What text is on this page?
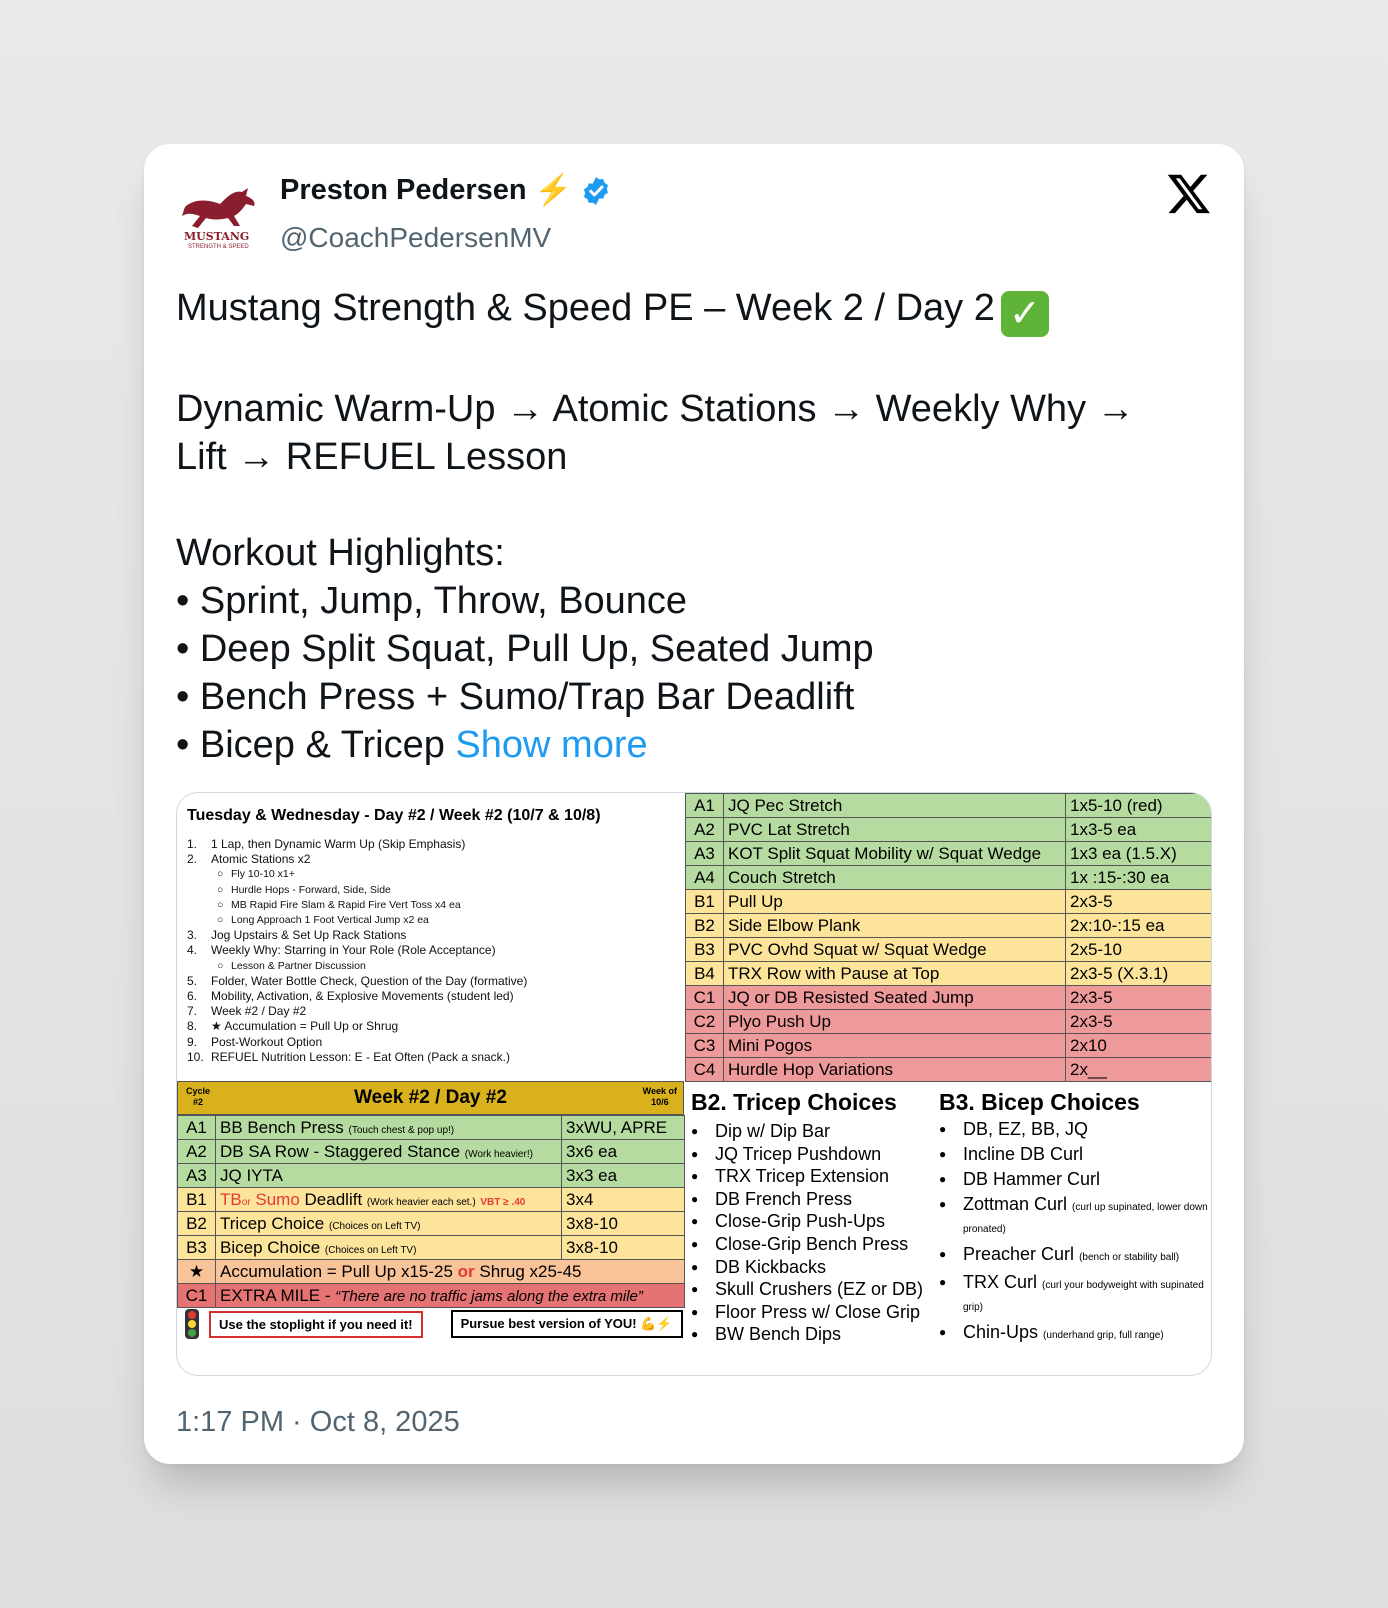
MUSTANG
STRENGTH & SPEED
Preston Pedersen ⚡
@CoachPedersenMV
Mustang Strength & Speed PE – Week 2 / Day 2 ✓
Dynamic Warm-Up → Atomic Stations → Weekly Why →
Lift → REFUEL Lesson
Workout Highlights:
• Sprint, Jump, Throw, Bounce
• Deep Split Squat, Pull Up, Seated Jump
• Bench Press + Sumo/Trap Bar Deadlift
• Bicep & Tricep Show more
Tuesday & Wednesday - Day #2 / Week #2 (10/7 & 10/8)
1.	1 Lap, then Dynamic Warm Up (Skip Emphasis)
2.	Atomic Stations x2
○ Fly 10-10 x1+
○ Hurdle Hops - Forward, Side, Side
○ MB Rapid Fire Slam & Rapid Fire Vert Toss x4 ea
○ Long Approach 1 Foot Vertical Jump x2 ea
3.	Jog Upstairs & Set Up Rack Stations
4.	Weekly Why: Starring in Your Role (Role Acceptance)
○ Lesson & Partner Discussion
5.	Folder, Water Bottle Check, Question of the Day (formative)
6.	Mobility, Activation, & Explosive Movements (student led)
7.	Week #2 / Day #2
8.	★ Accumulation = Pull Up or Shrug
9.	Post-Workout Option
10. REFUEL Nutrition Lesson: E - Eat Often (Pack a snack.)
A1	JQ Pec Stretch	1x5-10 (red)
A2	PVC Lat Stretch	1x3-5 ea
A3	KOT Split Squat Mobility w/ Squat Wedge	1x3 ea (1.5.X)
A4	Couch Stretch	1x :15-:30 ea
B1	Pull Up	2x3-5
B2	Side Elbow Plank	2x:10-:15 ea
B3	PVC Ovhd Squat w/ Squat Wedge	2x5-10
B4	TRX Row with Pause at Top	2x3-5 (X.3.1)
C1	JQ or DB Resisted Seated Jump	2x3-5
C2	Plyo Push Up	2x3-5
C3	Mini Pogos	2x10
C4	Hurdle Hop Variations	2x__
Cycle
#2	Week #2 / Day #2	Week of
10/6
A1	BB Bench Press (Touch chest & pop up!)	3xWU, APRE
A2	DB SA Row - Staggered Stance (Work heavier!)	3x6 ea
A3	JQ IYTA	3x3 ea
B1	TBor Sumo Deadlift (Work heavier each set.) VBT ≥ .40	3x4
B2	Tricep Choice (Choices on Left TV)	3x8-10
B3	Bicep Choice (Choices on Left TV)	3x8-10
★	Accumulation = Pull Up x15-25 or Shrug x25-45	
C1	EXTRA MILE - “There are no traffic jams along the extra mile”	
Use the stoplight if you need it!	Pursue best version of YOU! 💪⚡
B2. Tricep Choices
● Dip w/ Dip Bar
● JQ Tricep Pushdown
● TRX Tricep Extension
● DB French Press
● Close-Grip Push-Ups
● Close-Grip Bench Press
● DB Kickbacks
● Skull Crushers (EZ or DB)
● Floor Press w/ Close Grip
● BW Bench Dips
B3. Bicep Choices
● DB, EZ, BB, JQ
● Incline DB Curl
● DB Hammer Curl
● Zottman Curl (curl up supinated, lower down pronated)
● Preacher Curl (bench or stability ball)
● TRX Curl (curl your bodyweight with supinated grip)
● Chin-Ups (underhand grip, full range)
1:17 PM · Oct 8, 2025
